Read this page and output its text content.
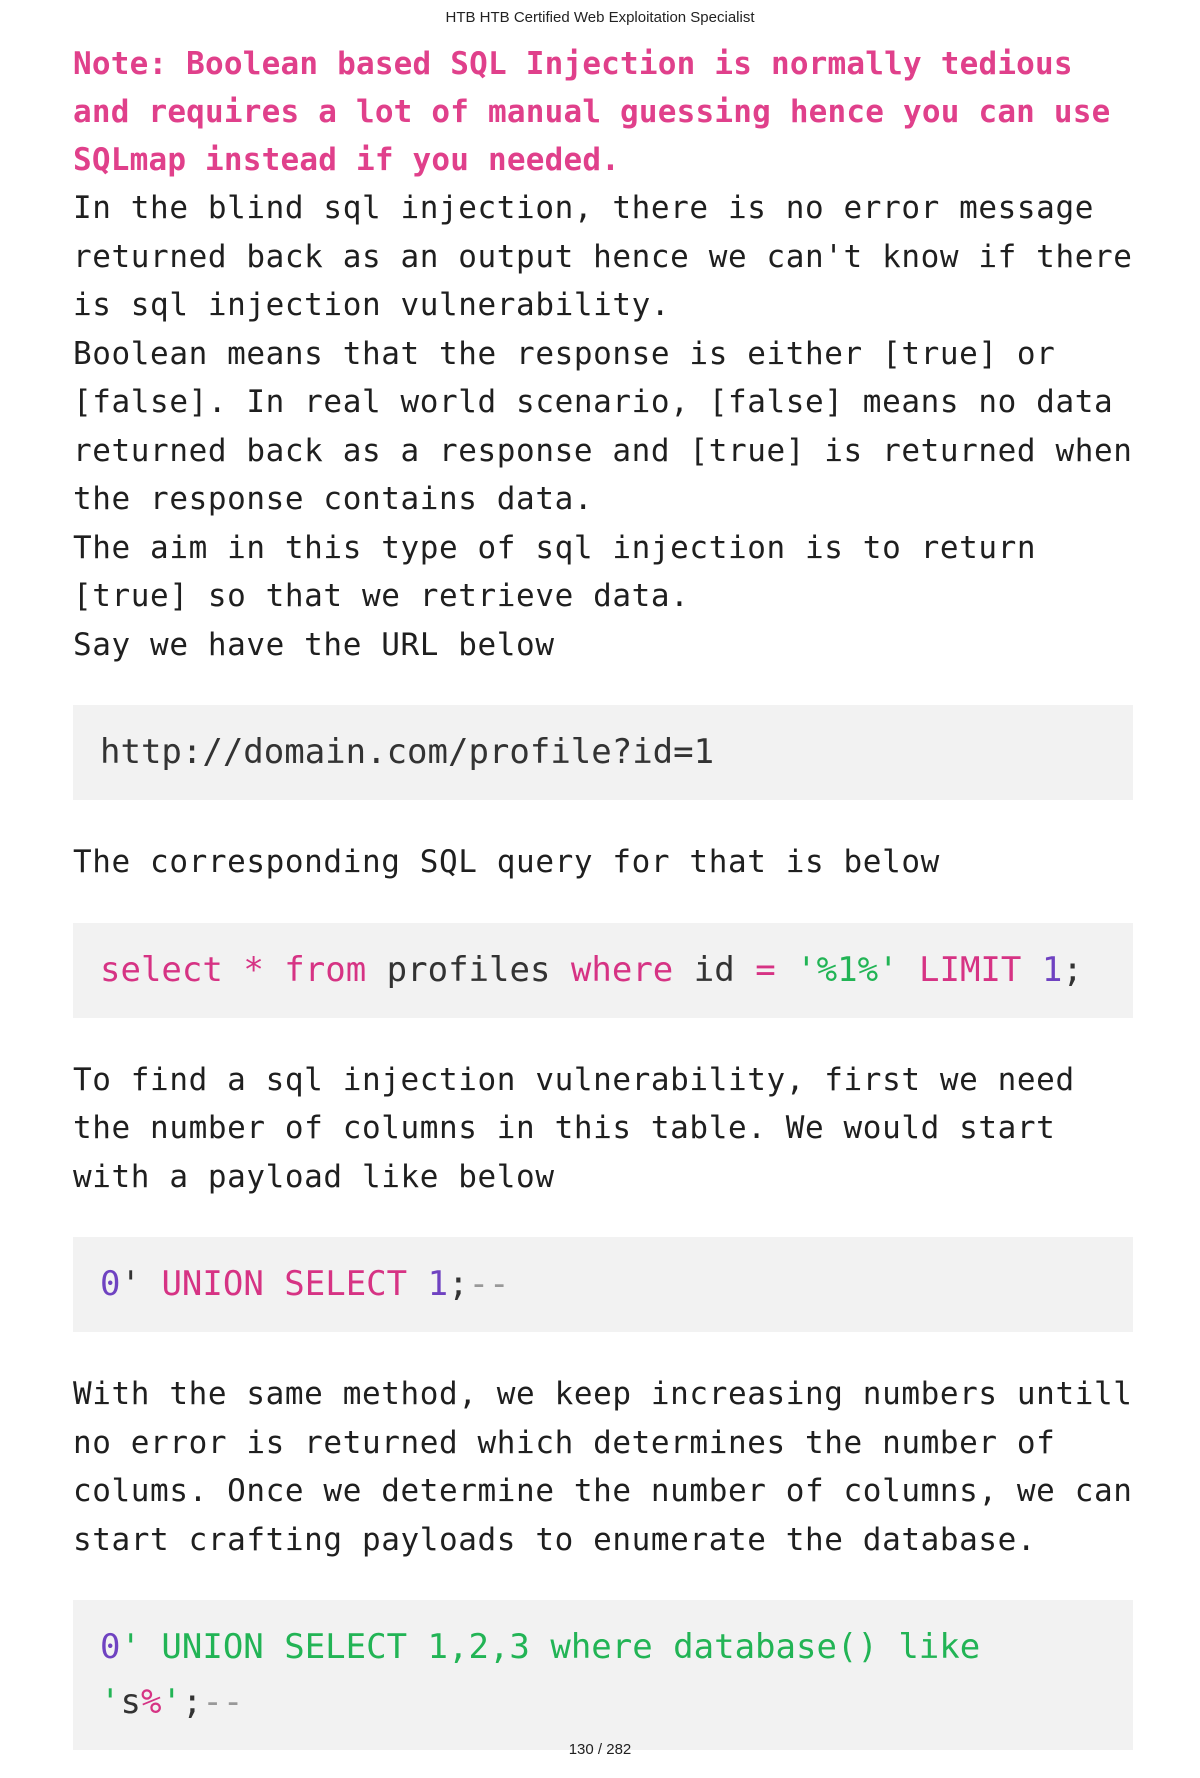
HTB HTB Certified Web Exploitation Specialist

Note: Boolean based SQL Injection is normally tedious and requires a lot of manual guessing hence you can use SQLmap instead if you needed.

In the blind sql injection, there is no error message returned back as an output hence we can't know if there is sql injection vulnerability.

Boolean means that the response is either [true] or [false]. In real world scenario, [false] means no data returned back as a response and [true] is returned when the response contains data.

The aim in this type of sql injection is to return [true] so that we retrieve data.

Say we have the URL below

http://domain.com/profile?id=1

The corresponding SQL query for that is below

select * from profiles where id = '%1%' LIMIT 1;

To find a sql injection vulnerability, first we need the number of columns in this table. We would start with a payload like below

0' UNION SELECT 1;--

With the same method, we keep increasing numbers untill no error is returned which determines the number of colums. Once we determine the number of columns, we can start crafting payloads to enumerate the database.

0' UNION SELECT 1,2,3 where database() like
's%';--
130 / 282
